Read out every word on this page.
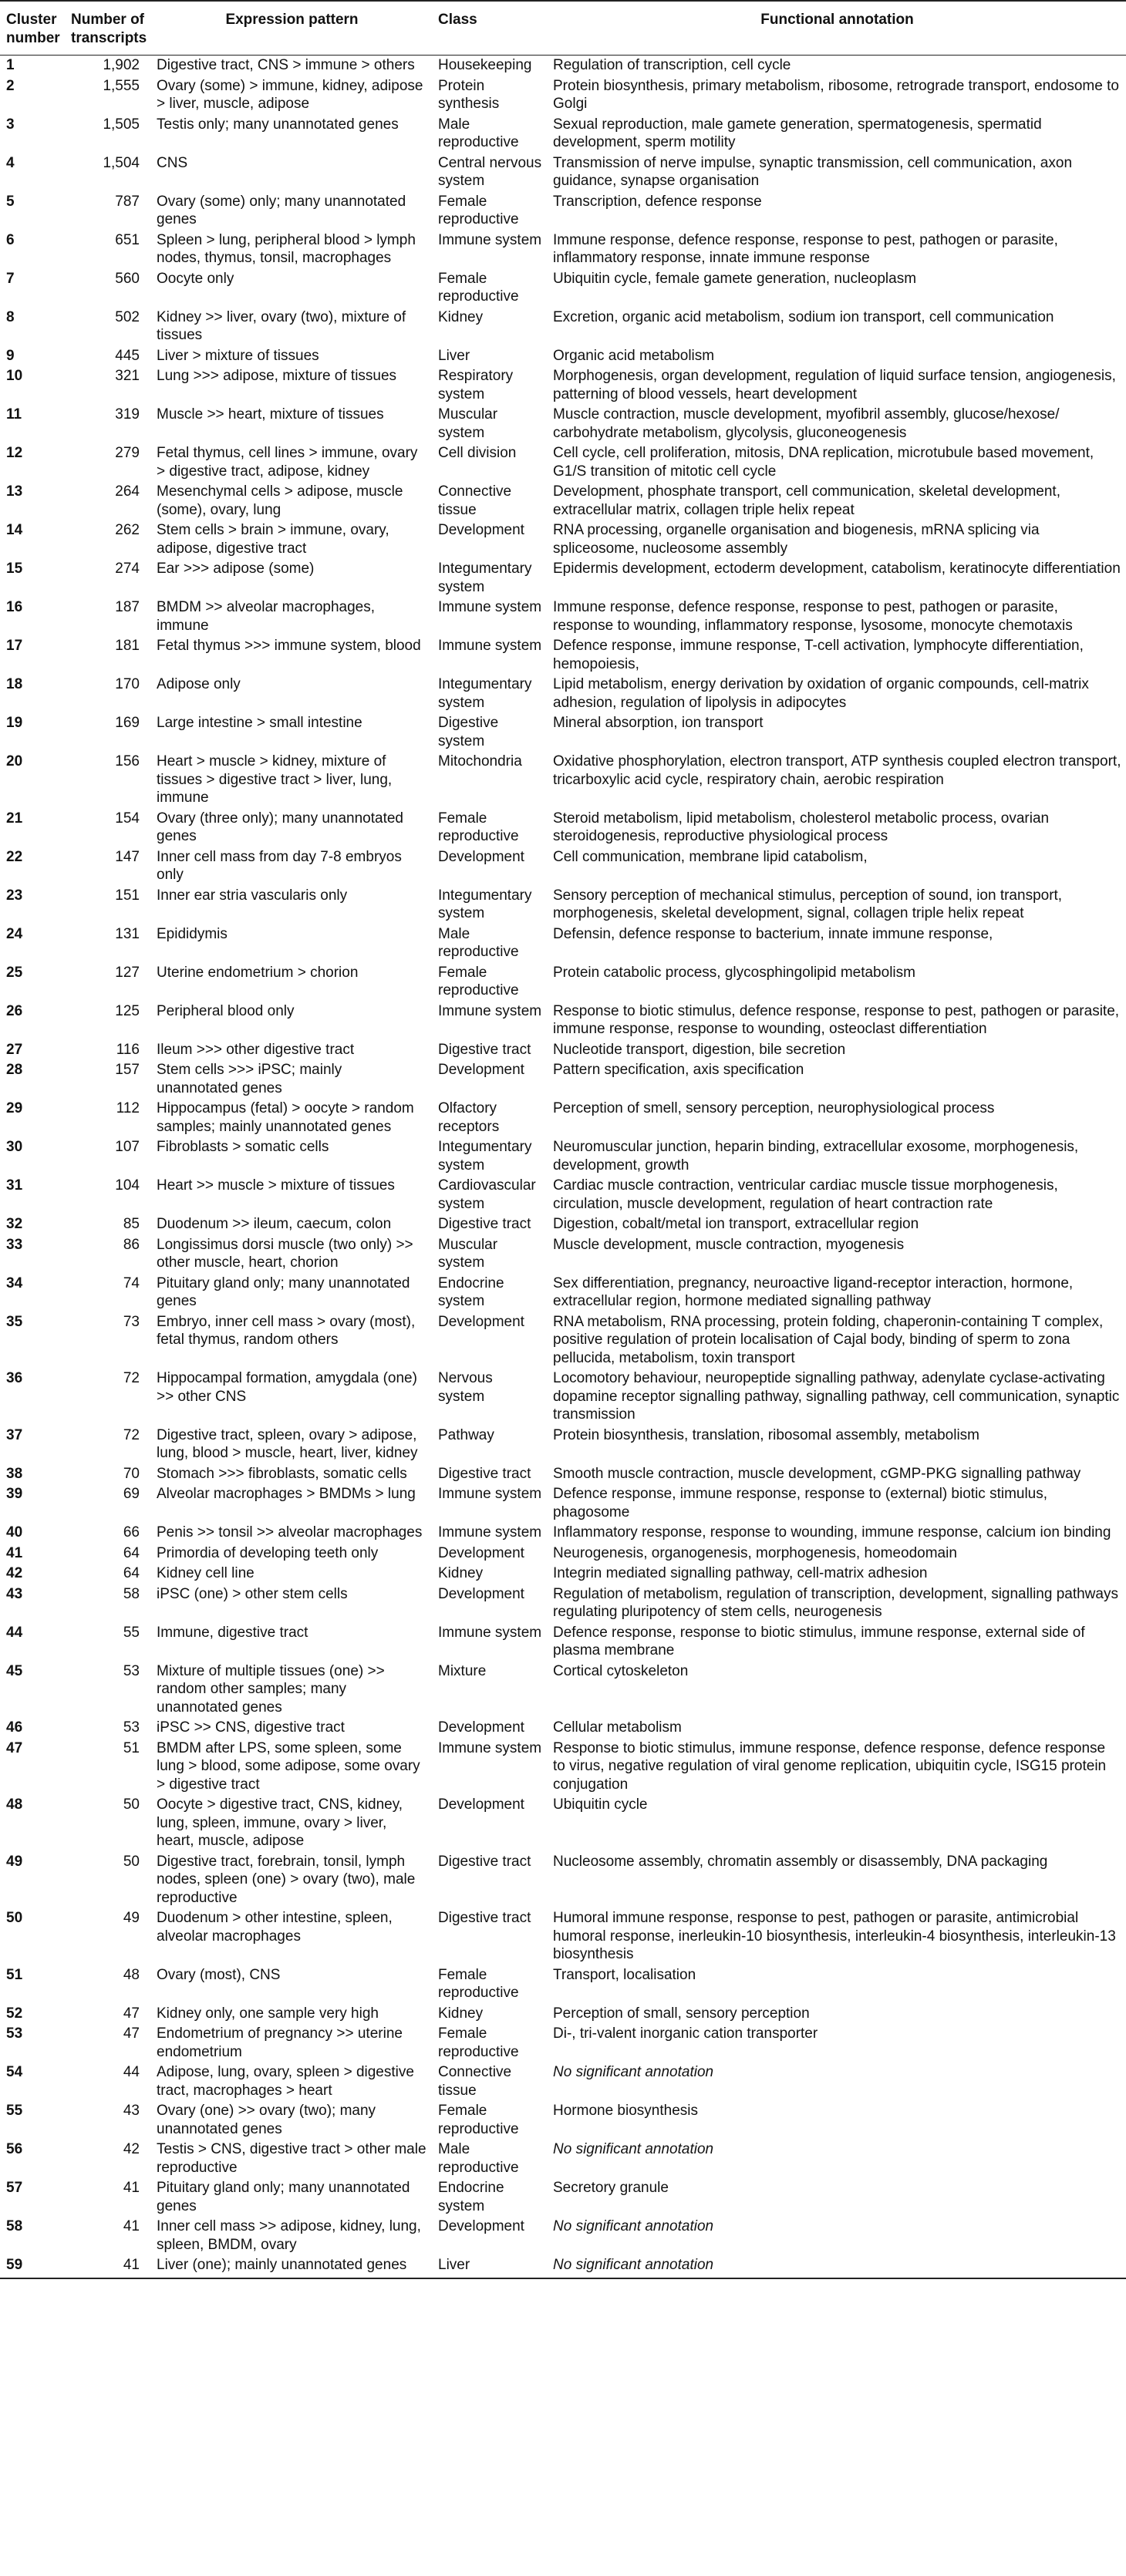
Cluster number	Number of transcripts	Expression pattern	Class	Functional annotation
1	1,902	Digestive tract, CNS > immune > others	Housekeeping	Regulation of transcription, cell cycle
2	1,555	Ovary (some) > immune, kidney, adipose > liver, muscle, adipose	Protein synthesis	Protein biosynthesis, primary metabolism, ribosome, retrograde transport, endosome to Golgi
3	1,505	Testis only; many unannotated genes	Male reproductive	Sexual reproduction, male gamete generation, spermatogenesis, spermatid development, sperm motility
4	1,504	CNS	Central nervous system	Transmission of nerve impulse, synaptic transmission, cell communication, axon guidance, synapse organisation
5	787	Ovary (some) only; many unannotated genes	Female reproductive	Transcription, defence response
6	651	Spleen > lung, peripheral blood > lymph nodes, thymus, tonsil, macrophages	Immune system	Immune response, defence response, response to pest, pathogen or parasite, inflammatory response, innate immune response
7	560	Oocyte only	Female reproductive	Ubiquitin cycle, female gamete generation, nucleoplasm
8	502	Kidney >> liver, ovary (two), mixture of tissues	Kidney	Excretion, organic acid metabolism, sodium ion transport, cell communication
9	445	Liver > mixture of tissues	Liver	Organic acid metabolism
10	321	Lung >>> adipose, mixture of tissues	Respiratory system	Morphogenesis, organ development, regulation of liquid surface tension, angiogenesis, patterning of blood vessels, heart development
11	319	Muscle >> heart, mixture of tissues	Muscular system	Muscle contraction, muscle development, myofibril assembly, glucose/hexose/ carbohydrate metabolism, glycolysis, gluconeogenesis
12	279	Fetal thymus, cell lines > immune, ovary > digestive tract, adipose, kidney	Cell division	Cell cycle, cell proliferation, mitosis, DNA replication, microtubule based movement, G1/S transition of mitotic cell cycle
13	264	Mesenchymal cells > adipose, muscle (some), ovary, lung	Connective tissue	Development, phosphate transport, cell communication, skeletal development, extracellular matrix, collagen triple helix repeat
14	262	Stem cells > brain > immune, ovary, adipose, digestive tract	Development	RNA processing, organelle organisation and biogenesis, mRNA splicing via spliceosome, nucleosome assembly
15	274	Ear >>> adipose (some)	Integumentary system	Epidermis development, ectoderm development, catabolism, keratinocyte differentiation
16	187	BMDM >> alveolar macrophages, immune	Immune system	Immune response, defence response, response to pest, pathogen or parasite, response to wounding, inflammatory response, lysosome, monocyte chemotaxis
17	181	Fetal thymus >>> immune system, blood	Immune system	Defence response, immune response, T-cell activation, lymphocyte differentiation, hemopoiesis,
18	170	Adipose only	Integumentary system	Lipid metabolism, energy derivation by oxidation of organic compounds, cell-matrix adhesion, regulation of lipolysis in adipocytes
19	169	Large intestine > small intestine	Digestive system	Mineral absorption, ion transport
20	156	Heart > muscle > kidney, mixture of tissues > digestive tract > liver, lung, immune	Mitochondria	Oxidative phosphorylation, electron transport, ATP synthesis coupled electron transport, tricarboxylic acid cycle, respiratory chain, aerobic respiration
21	154	Ovary (three only); many unannotated genes	Female reproductive	Steroid metabolism, lipid metabolism, cholesterol metabolic process, ovarian steroidogenesis, reproductive physiological process
22	147	Inner cell mass from day 7-8 embryos only	Development	Cell communication, membrane lipid catabolism,
23	151	Inner ear stria vascularis only	Integumentary system	Sensory perception of mechanical stimulus, perception of sound, ion transport, morphogenesis, skeletal development, signal, collagen triple helix repeat
24	131	Epididymis	Male reproductive	Defensin, defence response to bacterium, innate immune response,
25	127	Uterine endometrium > chorion	Female reproductive	Protein catabolic process, glycosphingolipid metabolism
26	125	Peripheral blood only	Immune system	Response to biotic stimulus, defence response, response to pest, pathogen or parasite, immune response, response to wounding, osteoclast differentiation
27	116	Ileum >>> other digestive tract	Digestive tract	Nucleotide transport, digestion, bile secretion
28	157	Stem cells >>> iPSC; mainly unannotated genes	Development	Pattern specification, axis specification
29	112	Hippocampus (fetal) > oocyte > random samples; mainly unannotated genes	Olfactory receptors	Perception of smell, sensory perception, neurophysiological process
30	107	Fibroblasts > somatic cells	Integumentary system	Neuromuscular junction, heparin binding, extracellular exosome, morphogenesis, development, growth
31	104	Heart >> muscle > mixture of tissues	Cardiovascular system	Cardiac muscle contraction, ventricular cardiac muscle tissue morphogenesis, circulation, muscle development, regulation of heart contraction rate
32	85	Duodenum >> ileum, caecum, colon	Digestive tract	Digestion, cobalt/metal ion transport, extracellular region
33	86	Longissimus dorsi muscle (two only) >> other muscle, heart, chorion	Muscular system	Muscle development, muscle contraction, myogenesis
34	74	Pituitary gland only; many unannotated genes	Endocrine system	Sex differentiation, pregnancy, neuroactive ligand-receptor interaction, hormone, extracellular region, hormone mediated signalling pathway
35	73	Embryo, inner cell mass > ovary (most), fetal thymus, random others	Development	RNA metabolism, RNA processing, protein folding, chaperonin-containing T complex, positive regulation of protein localisation of Cajal body, binding of sperm to zona pellucida, metabolism, toxin transport
36	72	Hippocampal formation, amygdala (one) >> other CNS	Nervous system	Locomotory behaviour, neuropeptide signalling pathway, adenylate cyclase-activating dopamine receptor signalling pathway, signalling pathway, cell communication, synaptic transmission
37	72	Digestive tract, spleen, ovary > adipose, lung, blood > muscle, heart, liver, kidney	Pathway	Protein biosynthesis, translation, ribosomal assembly, metabolism
38	70	Stomach >>> fibroblasts, somatic cells	Digestive tract	Smooth muscle contraction, muscle development, cGMP-PKG signalling pathway
39	69	Alveolar macrophages > BMDMs > lung	Immune system	Defence response, immune response, response to (external) biotic stimulus, phagosome
40	66	Penis >> tonsil >> alveolar macrophages	Immune system	Inflammatory response, response to wounding, immune response, calcium ion binding
41	64	Primordia of developing teeth only	Development	Neurogenesis, organogenesis, morphogenesis, homeodomain
42	64	Kidney cell line	Kidney	Integrin mediated signalling pathway, cell-matrix adhesion
43	58	iPSC (one) > other stem cells	Development	Regulation of metabolism, regulation of transcription, development, signalling pathways regulating pluripotency of stem cells, neurogenesis
44	55	Immune, digestive tract	Immune system	Defence response, response to biotic stimulus, immune response, external side of plasma membrane
45	53	Mixture of multiple tissues (one) >> random other samples; many unannotated genes	Mixture	Cortical cytoskeleton
46	53	iPSC >> CNS, digestive tract	Development	Cellular metabolism
47	51	BMDM after LPS, some spleen, some lung > blood, some adipose, some ovary > digestive tract	Immune system	Response to biotic stimulus, immune response, defence response, defence response to virus, negative regulation of viral genome replication, ubiquitin cycle, ISG15 protein conjugation
48	50	Oocyte > digestive tract, CNS, kidney, lung, spleen, immune, ovary > liver, heart, muscle, adipose	Development	Ubiquitin cycle
49	50	Digestive tract, forebrain, tonsil, lymph nodes, spleen (one) > ovary (two), male reproductive	Digestive tract	Nucleosome assembly, chromatin assembly or disassembly, DNA packaging
50	49	Duodenum > other intestine, spleen, alveolar macrophages	Digestive tract	Humoral immune response, response to pest, pathogen or parasite, antimicrobial humoral response, inerleukin-10 biosynthesis, interleukin-4 biosynthesis, interleukin-13 biosynthesis
51	48	Ovary (most), CNS	Female reproductive	Transport, localisation
52	47	Kidney only, one sample very high	Kidney	Perception of small, sensory perception
53	47	Endometrium of pregnancy >> uterine endometrium	Female reproductive	Di-, tri-valent inorganic cation transporter
54	44	Adipose, lung, ovary, spleen > digestive tract, macrophages > heart	Connective tissue	No significant annotation
55	43	Ovary (one) >> ovary (two); many unannotated genes	Female reproductive	Hormone biosynthesis
56	42	Testis > CNS, digestive tract > other male reproductive	Male reproductive	No significant annotation
57	41	Pituitary gland only; many unannotated genes	Endocrine system	Secretory granule
58	41	Inner cell mass >> adipose, kidney, lung, spleen, BMDM, ovary	Development	No significant annotation
59	41	Liver (one); mainly unannotated genes	Liver	No significant annotation
